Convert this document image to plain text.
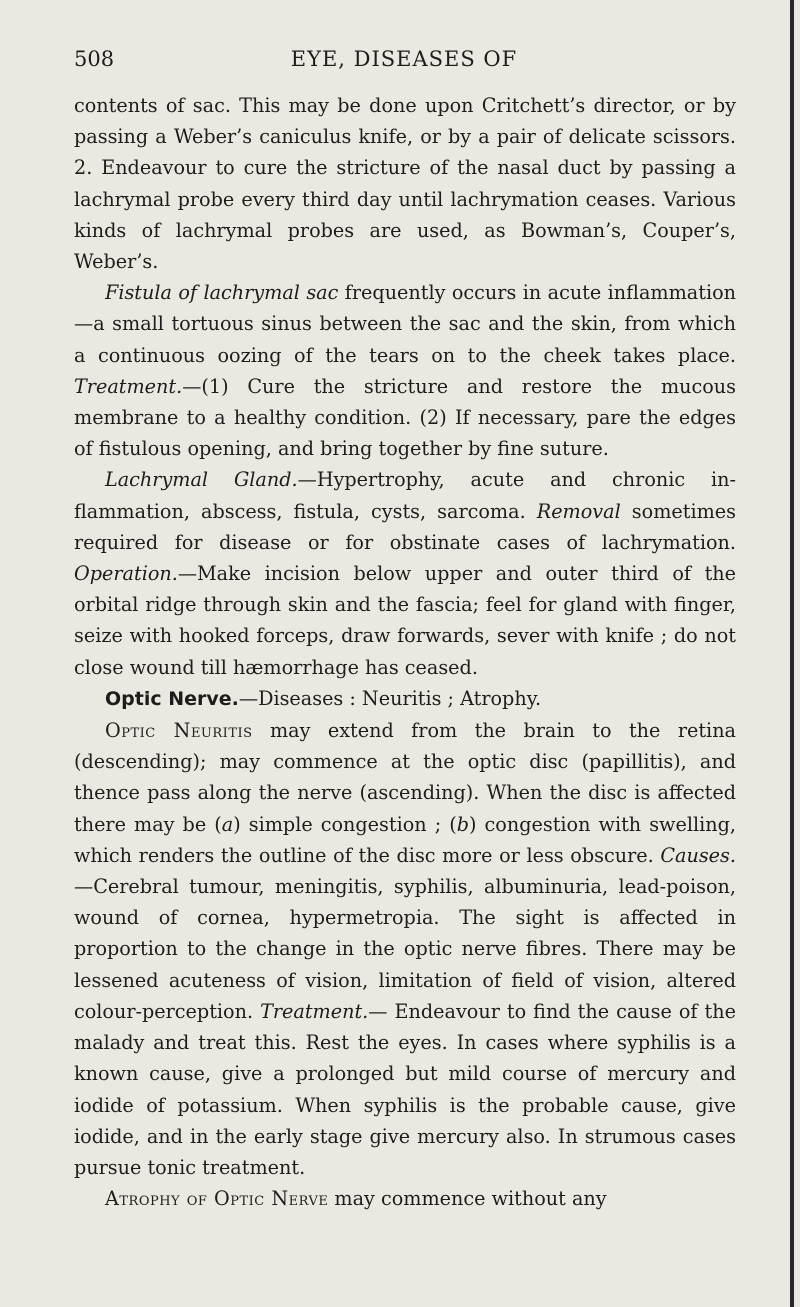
508	EYE, DISEASES OF

contents of sac. This may be done upon Critchett’s director, or by passing a Weber’s caniculus knife, or by a pair of delicate scissors. 2. Endeavour to cure the stricture of the nasal duct by passing a lachrymal probe every third day until lachrymation ceases. Various kinds of lachrymal probes are used, as Bowman’s, Couper’s, Weber’s.

Fistula of lachrymal sac frequently occurs in acute inflammation—a small tortuous sinus between the sac and the skin, from which a continuous oozing of the tears on to the cheek takes place. Treatment.—(1) Cure the stricture and restore the mucous membrane to a healthy condition. (2) If necessary, pare the edges of fistulous opening, and bring together by fine suture.

Lachrymal Gland.—Hypertrophy, acute and chronic inflammation, abscess, fistula, cysts, sarcoma. Removal sometimes required for disease or for obstinate cases of lachrymation. Operation.—Make incision below upper and outer third of the orbital ridge through skin and the fascia; feel for gland with finger, seize with hooked forceps, draw forwards, sever with knife ; do not close wound till hæmorrhage has ceased.

Optic Nerve.—Diseases : Neuritis ; Atrophy.

Optic Neuritis may extend from the brain to the retina (descending); may commence at the optic disc (papillitis), and thence pass along the nerve (ascending). When the disc is affected there may be (a) simple congestion ; (b) congestion with swelling, which renders the outline of the disc more or less obscure. Causes.—Cerebral tumour, meningitis, syphilis, albuminuria, lead-poison, wound of cornea, hypermetropia. The sight is affected in proportion to the change in the optic nerve fibres. There may be lessened acuteness of vision, limitation of field of vision, altered colour-perception. Treatment.— Endeavour to find the cause of the malady and treat this. Rest the eyes. In cases where syphilis is a known cause, give a prolonged but mild course of mercury and iodide of potassium. When syphilis is the probable cause, give iodide, and in the early stage give mercury also. In strumous cases pursue tonic treatment.

Atrophy of Optic Nerve may commence without any
